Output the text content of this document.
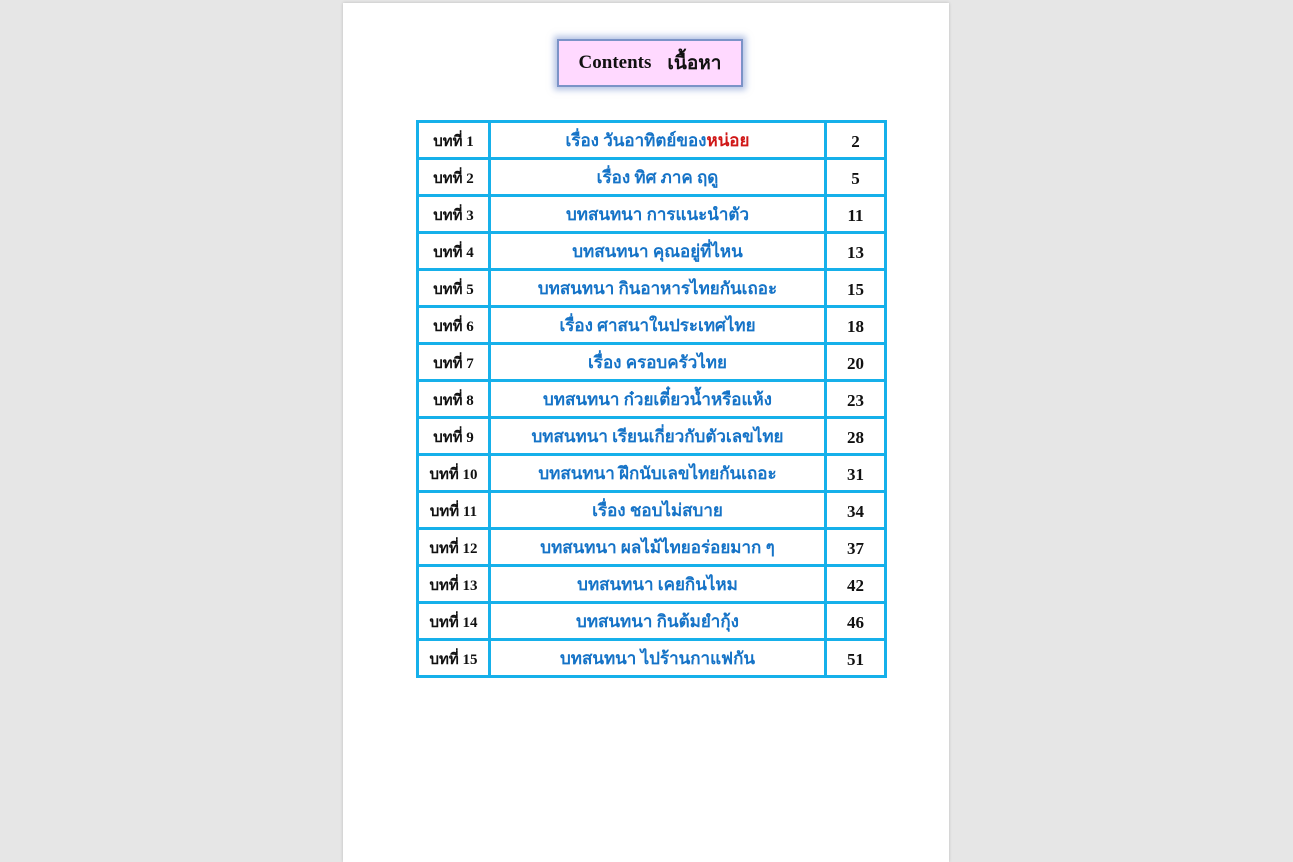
Contents เนื้อหา
บทที่ 1	เรื่อง วันอาทิตย์ของหน่อย	2
บทที่ 2	เรื่อง ทิศ ภาค ฤดู	5
บทที่ 3	บทสนทนา การแนะนำตัว	11
บทที่ 4	บทสนทนา คุณอยู่ที่ไหน	13
บทที่ 5	บทสนทนา กินอาหารไทยกันเถอะ	15
บทที่ 6	เรื่อง ศาสนาในประเทศไทย	18
บทที่ 7	เรื่อง ครอบครัวไทย	20
บทที่ 8	บทสนทนา ก๋วยเตี๋ยวน้ำหรือแห้ง	23
บทที่ 9	บทสนทนา เรียนเกี่ยวกับตัวเลขไทย	28
บทที่ 10	บทสนทนา ฝึกนับเลขไทยกันเถอะ	31
บทที่ 11	เรื่อง ชอบไม่สบาย	34
บทที่ 12	บทสนทนา ผลไม้ไทยอร่อยมาก ๆ	37
บทที่ 13	บทสนทนา เคยกินไหม	42
บทที่ 14	บทสนทนา กินต้มยำกุ้ง	46
บทที่ 15	บทสนทนา ไปร้านกาแฟกัน	51
